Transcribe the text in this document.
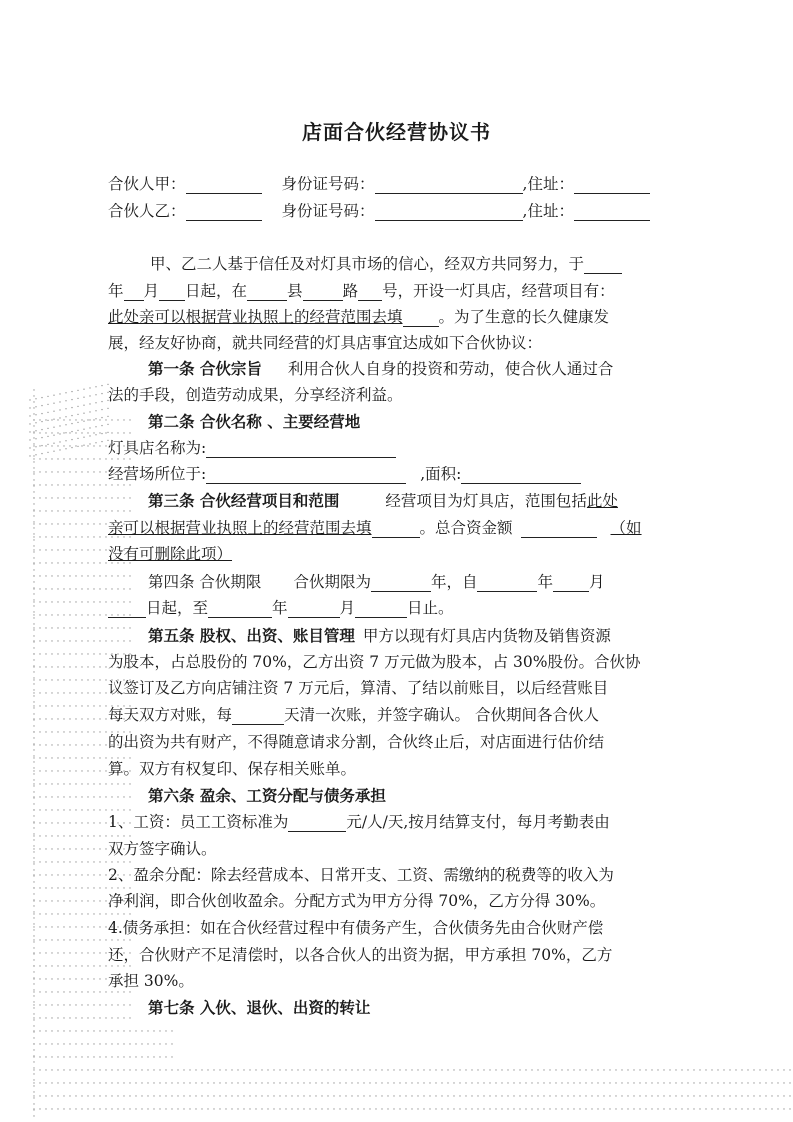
店面合伙经营协议书
合伙人甲：	身份证号码：	,住址：
合伙人乙：	身份证号码：	,住址：
甲、乙二人基于信任及对灯具市场的信心，经双方共同努力，于
年 月 日起，在	县	路 号，开设一灯具店，经营项目有：
此处亲可以根据营业执照上的经营范围去填 。为了生意的长久健康发
展，经友好协商，就共同经营的灯具店事宜达成如下合伙协议：
第一条 合伙宗旨 利用合伙人自身的投资和劳动，使合伙人通过合
法的手段，创造劳动成果，分享经济利益。
第二条 合伙名称 、主要经营地
灯具店名称为:
经营场所位于:	,面积:
第三条 合伙经营项目和范围	经营项目为灯具店，范围包括此处
亲可以根据营业执照上的经营范围去填	。总合资金额	（如
没有可删除此项）
第四条 合伙期限 合伙期限为	年，自	年 月
日起，至	年	月	日止。
第五条 股权、出资、账目管理 甲方以现有灯具店内货物及销售资源
为股本，占总股份的 70%，乙方出资 7 万元做为股本，占 30%股份。合伙协
议签订及乙方向店铺注资 7 万元后，算清、了结以前账目，以后经营账目
每天双方对账，每	天清一次账，并签字确认。 合伙期间各合伙人
的出资为共有财产，不得随意请求分割，合伙终止后，对店面进行估价结
算。双方有权复印、保存相关账单。
第六条 盈余、工资分配与债务承担
1、工资：员工工资标准为	元/人/天,按月结算支付，每月考勤表由
双方签字确认。
2、盈余分配：除去经营成本、日常开支、工资、需缴纳的税费等的收入为
净利润，即合伙创收盈余。分配方式为甲方分得 70%，乙方分得 30%。
4.债务承担：如在合伙经营过程中有债务产生，合伙债务先由合伙财产偿
还，合伙财产不足清偿时，以各合伙人的出资为据，甲方承担 70%，乙方
承担 30%。
第七条 入伙、退伙、出资的转让
